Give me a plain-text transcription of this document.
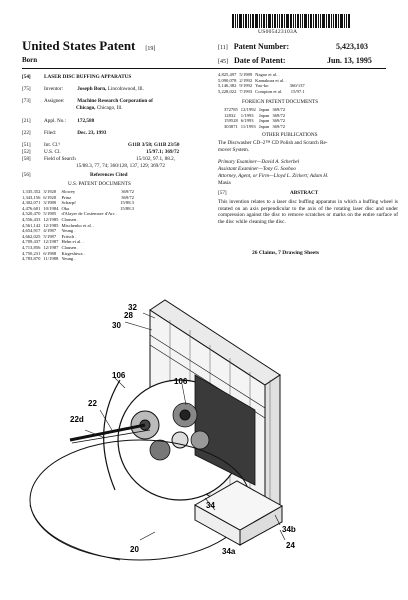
US005423103A
United States Patent [19]
Born
[11] Patent Number:	5,423,103
[45] Date of Patent:	Jun. 13, 1995
[54]	LASER DISC BUFFING APPARATUS
[75]	Inventor:	Joseph Born, Lincolnwood, Ill.
[73]	Assignee: Machine Research Corporation of
Chicago, Chicago, Ill.
[21]	Appl. No.: 172,588
[22]	Filed:	Dec. 23, 1993
[51]	Int. Cl.⁶	G11B 3/58; G11B 23/50
[52]	U.S. Cl.	15/97.1; 369/72
[58]	Field of Search	15/102, 97.1, 88.2,
15/88.3, 77, 74; 360/128, 137, 129; 369/72
[56]	References Cited
U.S. PATENT DOCUMENTS
1,335,352	3/1920	Slowey	369/72
1,343,156	6/1920	Prinz	369/72
4,302,071	3/1980	Scharpf	15/88.3
4,476,601	10/1984	Oka	15/88.3
4,520,470	5/1985	d'Alayer de Costemore d'Arc .	
4,556,433	12/1985	Clausen .	
4,561,142	12/1985	Mischenko et al. .	
4,654,917	4/1987	Yeung .	
4,662,025	5/1987	Fritsch .	
4,709,437	12/1987	Hehn et al. .	
4,713,856	12/1987	Clausen .	
4,750,231	6/1988	Kirgeshiwa .	
4,783,870	11/1988	Yeung .	
4,825,497	5/1989	Nagao et al. .	
5,090,078	2/1992	Kamakura et al. .	
5,146,382	9/1992	Yao-ko	360/137
5,228,022	7/1993	Compton et al.	15/97.1
FOREIGN PATENT DOCUMENTS
372785	12/1992	Japan	369/72
12832	1/1993	Japan	369/72
159528	6/1993	Japan	369/72
303871	11/1993	Japan	369/72
OTHER PUBLICATIONS
The Discwasher CD–2™ CD Polish and Scratch Re-
mover System.
Primary Examiner—David A. Scherbel
Assistant Examiner—Tony G. Soohoo
Attorney, Agent, or Firm—Lloyd L. Zickert; Adam H.
Masia
[57]	ABSTRACT
This invention relates to a laser disc buffing apparatus in which a buffing wheel is rotated on an axis perpendicular to the axis of the rotating laser disc and under compression against the disc to remove scratches or marks on the entire surface of the disc while cleaning the disc.
26 Claims, 7 Drawing Sheets
32
28
30
106
106
22
22d
20
34
34a
34b
24
